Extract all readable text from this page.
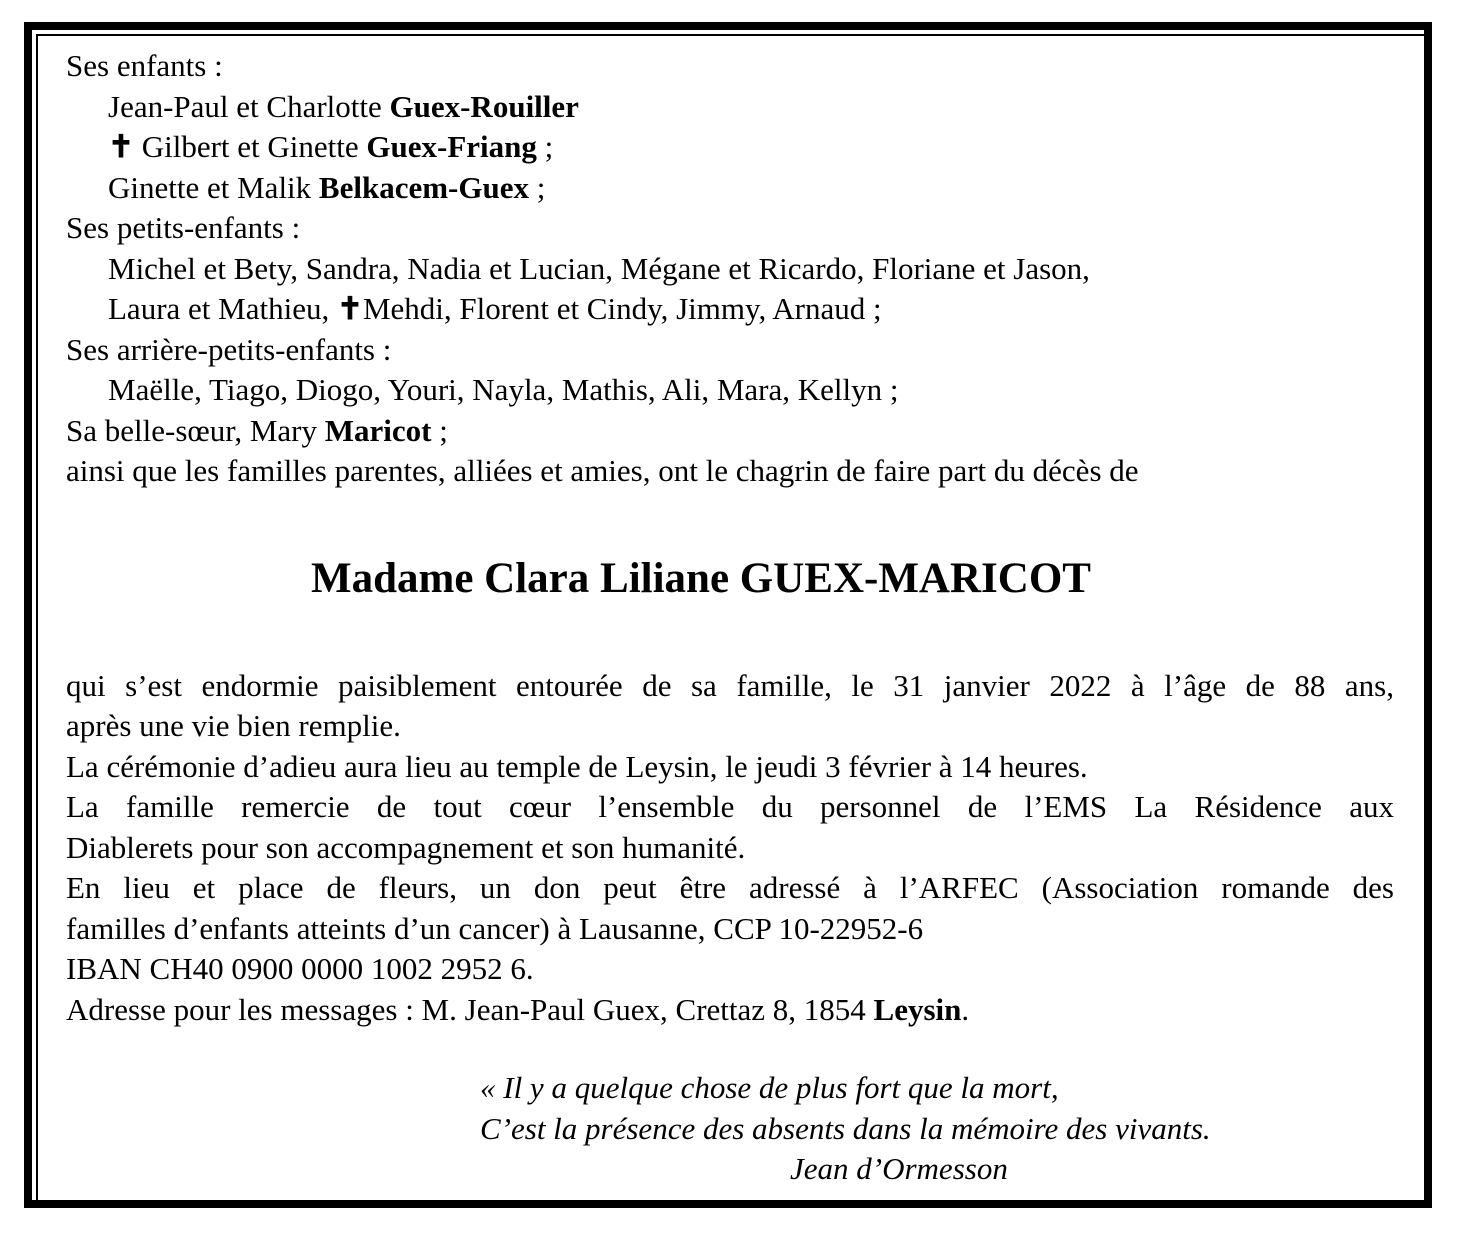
Ses enfants :
Jean-Paul et Charlotte Guex-Rouiller
✝ Gilbert et Ginette Guex-Friang ;
Ginette et Malik Belkacem-Guex ;
Ses petits-enfants :
Michel et Bety, Sandra, Nadia et Lucian, Mégane et Ricardo, Floriane et Jason,
Laura et Mathieu, ✝Mehdi, Florent et Cindy, Jimmy, Arnaud ;
Ses arrière-petits-enfants :
Maëlle, Tiago, Diogo, Youri, Nayla, Mathis, Ali, Mara, Kellyn ;
Sa belle-sœur, Mary Maricot ;
ainsi que les familles parentes, alliées et amies, ont le chagrin de faire part du décès de
Madame Clara Liliane GUEX-MARICOT
qui s’est endormie paisiblement entourée de sa famille, le 31 janvier 2022 à l’âge de 88 ans,
après une vie bien remplie.
La cérémonie d’adieu aura lieu au temple de Leysin, le jeudi 3 février à 14 heures.
La famille remercie de tout cœur l’ensemble du personnel de l’EMS La Résidence aux
Diablerets pour son accompagnement et son humanité.
En lieu et place de fleurs, un don peut être adressé à l’ARFEC (Association romande des
familles d’enfants atteints d’un cancer) à Lausanne, CCP 10-22952-6
IBAN CH40 0900 0000 1002 2952 6.
Adresse pour les messages : M. Jean-Paul Guex, Crettaz 8, 1854 Leysin.
« Il y a quelque chose de plus fort que la mort,
C’est la présence des absents dans la mémoire des vivants.
Jean d’Ormesson
